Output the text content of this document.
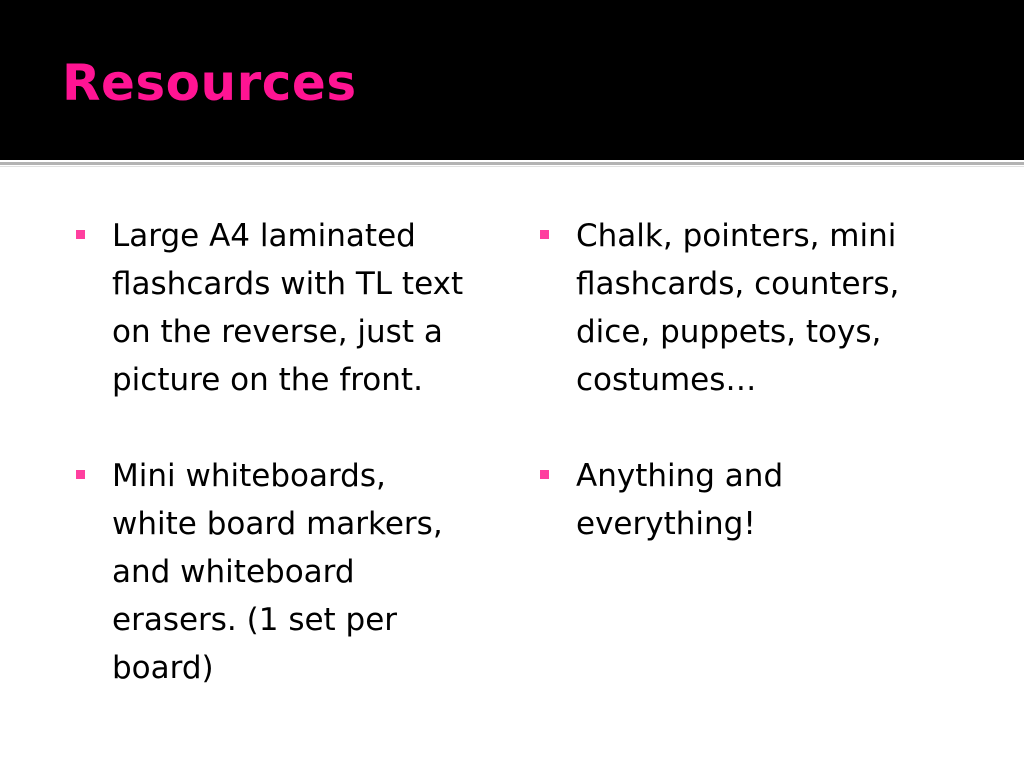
Resources
Large A4 laminated flashcards with TL text on the reverse, just a picture on the front.
Mini whiteboards, white board markers, and whiteboard erasers. (1 set per board)
Chalk, pointers, mini flashcards, counters, dice, puppets, toys, costumes…
Anything and everything!
